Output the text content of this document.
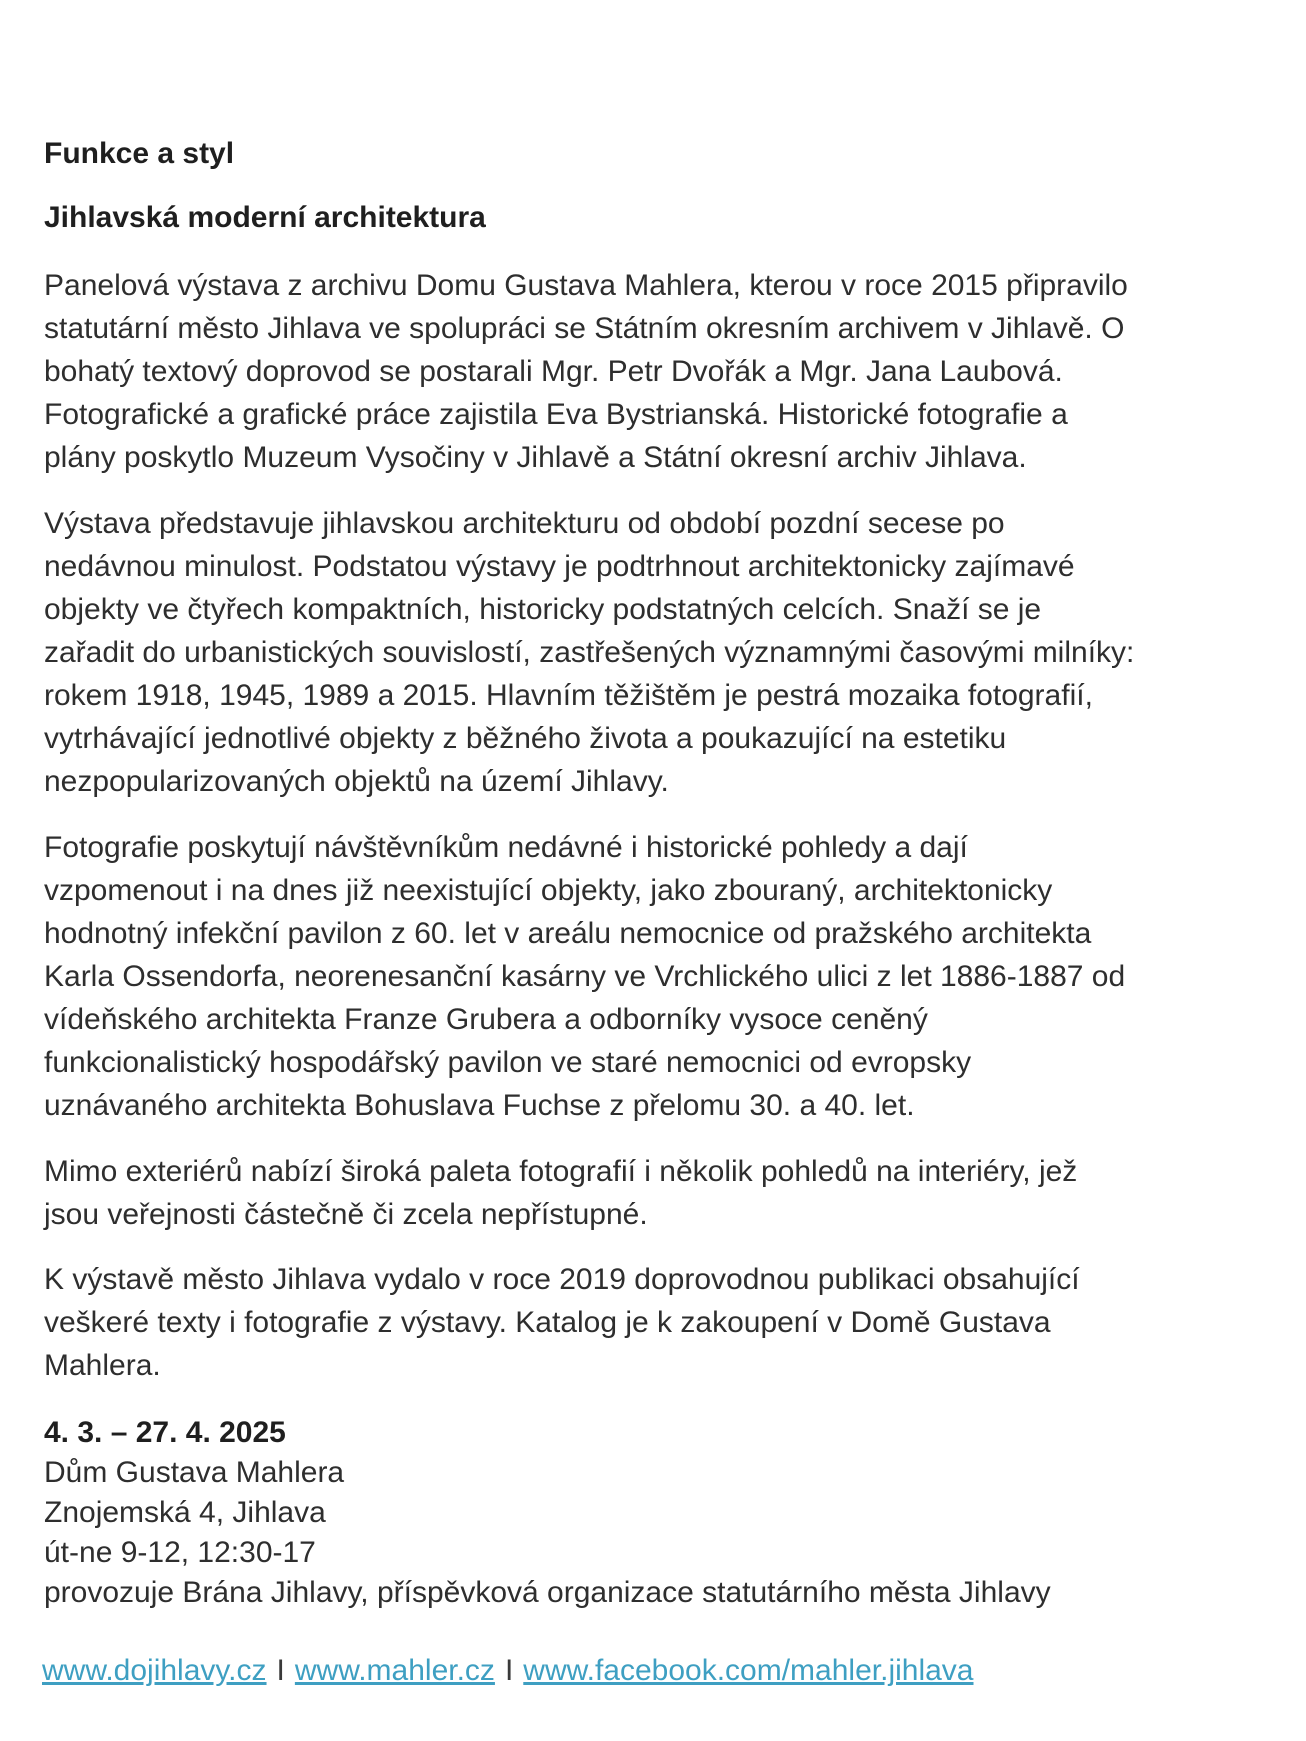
Funkce a styl
Jihlavská moderní architektura

Panelová výstava z archivu Domu Gustava Mahlera, kterou v roce 2015 připravilo
statutární město Jihlava ve spolupráci se Státním okresním archivem v Jihlavě. O
bohatý textový doprovod se postarali Mgr. Petr Dvořák a Mgr. Jana Laubová.
Fotografické a grafické práce zajistila Eva Bystrianská. Historické fotografie a
plány poskytlo Muzeum Vysočiny v Jihlavě a Státní okresní archiv Jihlava.

Výstava představuje jihlavskou architekturu od období pozdní secese po
nedávnou minulost. Podstatou výstavy je podtrhnout architektonicky zajímavé
objekty ve čtyřech kompaktních, historicky podstatných celcích. Snaží se je
zařadit do urbanistických souvislostí, zastřešených významnými časovými milníky:
rokem 1918, 1945, 1989 a 2015. Hlavním těžištěm je pestrá mozaika fotografií,
vytrhávající jednotlivé objekty z běžného života a poukazující na estetiku
nezpopularizovaných objektů na území Jihlavy.

Fotografie poskytují návštěvníkům nedávné i historické pohledy a dají
vzpomenout i na dnes již neexistující objekty, jako zbouraný, architektonicky
hodnotný infekční pavilon z 60. let v areálu nemocnice od pražského architekta
Karla Ossendorfa, neorenesanční kasárny ve Vrchlického ulici z let 1886-1887 od
vídeňského architekta Franze Grubera a odborníky vysoce ceněný
funkcionalistický hospodářský pavilon ve staré nemocnici od evropsky
uznávaného architekta Bohuslava Fuchse z přelomu 30. a 40. let.

Mimo exteriérů nabízí široká paleta fotografií i několik pohledů na interiéry, jež
jsou veřejnosti částečně či zcela nepřístupné.

K výstavě město Jihlava vydalo v roce 2019 doprovodnou publikaci obsahující
veškeré texty i fotografie z výstavy. Katalog je k zakoupení v Domě Gustava
Mahlera.

4. 3. – 27. 4. 2025
Dům Gustava Mahlera
Znojemská 4, Jihlava
út-ne 9-12, 12:30-17
provozuje Brána Jihlavy, příspěvková organizace statutárního města Jihlavy
www.dojihlavy.cz I www.mahler.cz I www.facebook.com/mahler.jihlava
